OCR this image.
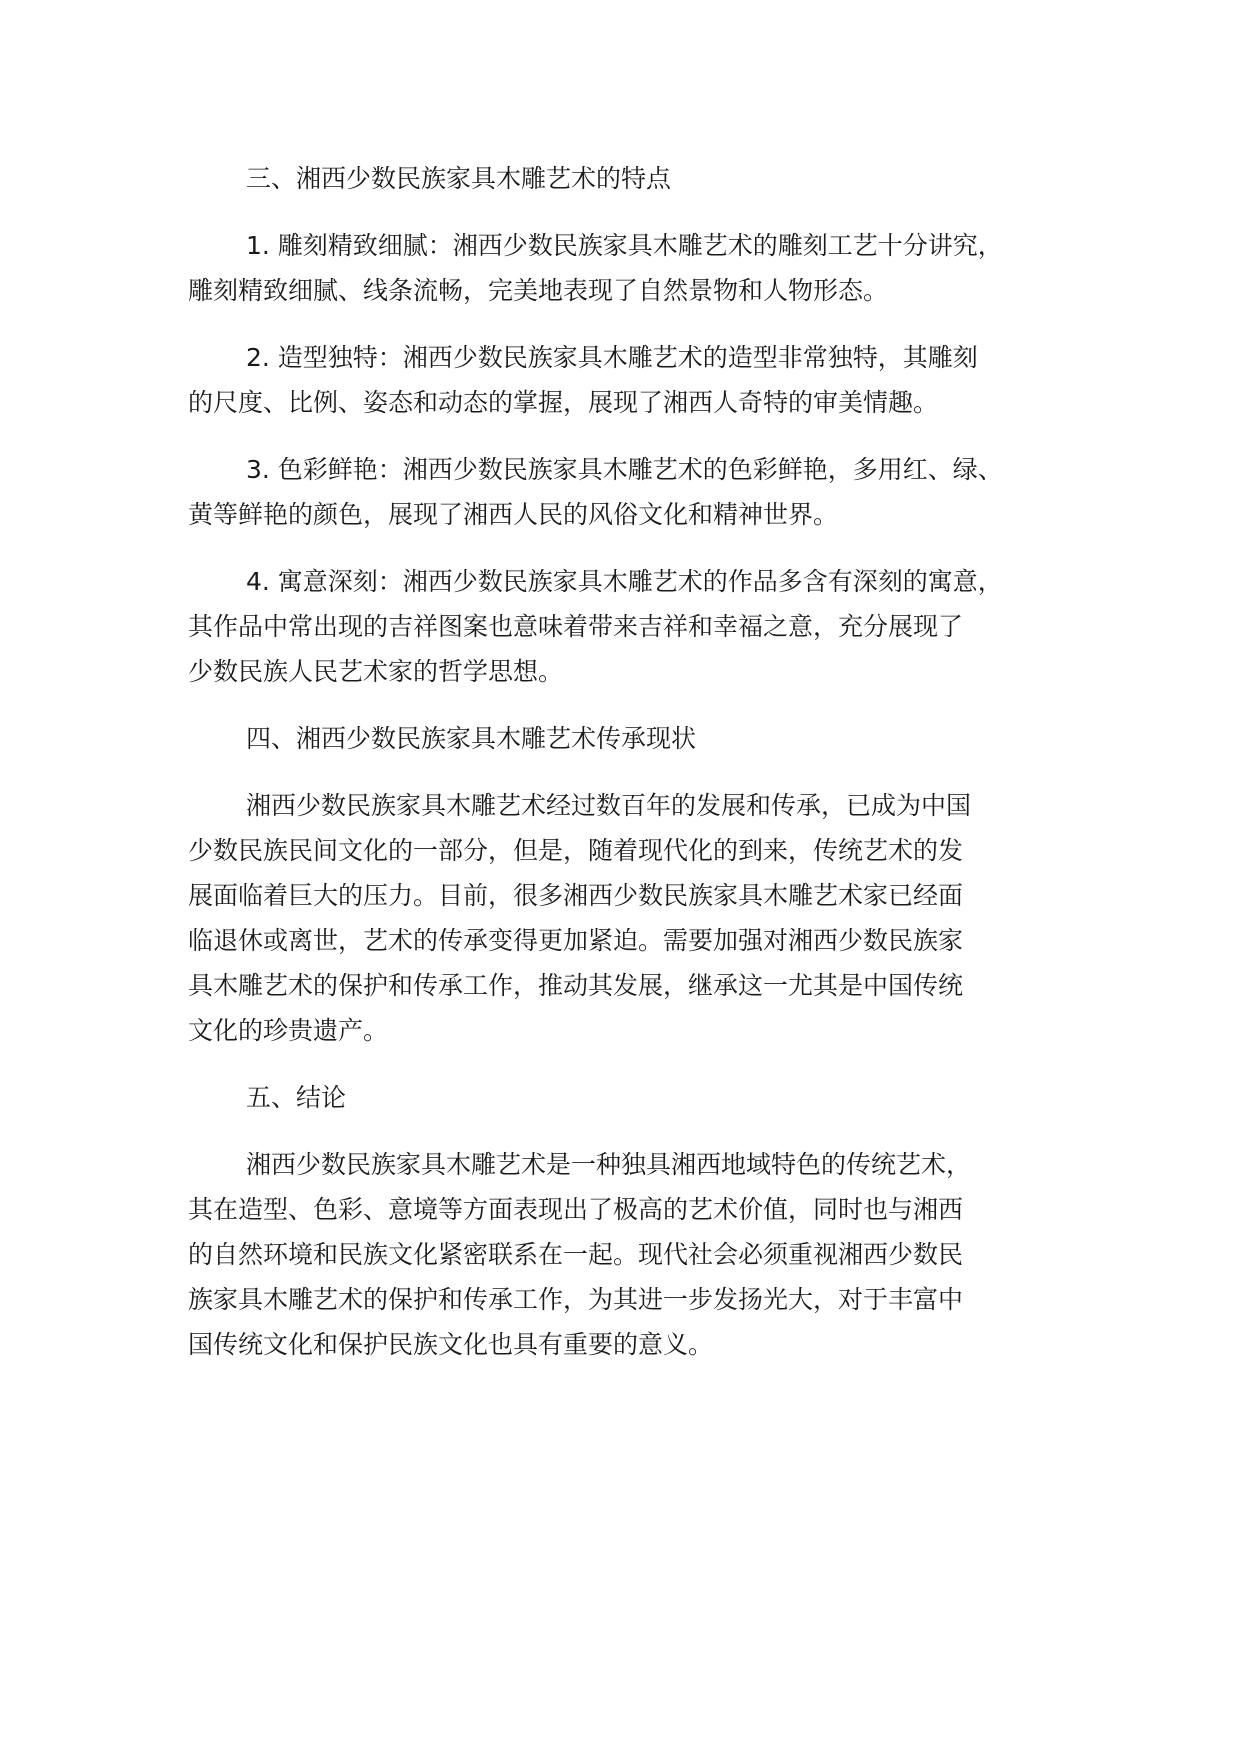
三、湘西少数民族家具木雕艺术的特点
1. 雕刻精致细腻：湘西少数民族家具木雕艺术的雕刻工艺十分讲究，
雕刻精致细腻、线条流畅，完美地表现了自然景物和人物形态。
2. 造型独特：湘西少数民族家具木雕艺术的造型非常独特，其雕刻
的尺度、比例、姿态和动态的掌握，展现了湘西人奇特的审美情趣。
3. 色彩鲜艳：湘西少数民族家具木雕艺术的色彩鲜艳，多用红、绿、
黄等鲜艳的颜色，展现了湘西人民的风俗文化和精神世界。
4. 寓意深刻：湘西少数民族家具木雕艺术的作品多含有深刻的寓意，
其作品中常出现的吉祥图案也意味着带来吉祥和幸福之意，充分展现了
少数民族人民艺术家的哲学思想。
四、湘西少数民族家具木雕艺术传承现状
湘西少数民族家具木雕艺术经过数百年的发展和传承，已成为中国
少数民族民间文化的一部分，但是，随着现代化的到来，传统艺术的发
展面临着巨大的压力。目前，很多湘西少数民族家具木雕艺术家已经面
临退休或离世，艺术的传承变得更加紧迫。需要加强对湘西少数民族家
具木雕艺术的保护和传承工作，推动其发展，继承这一尤其是中国传统
文化的珍贵遗产。
五、结论
湘西少数民族家具木雕艺术是一种独具湘西地域特色的传统艺术，
其在造型、色彩、意境等方面表现出了极高的艺术价值，同时也与湘西
的自然环境和民族文化紧密联系在一起。现代社会必须重视湘西少数民
族家具木雕艺术的保护和传承工作，为其进一步发扬光大，对于丰富中
国传统文化和保护民族文化也具有重要的意义。
